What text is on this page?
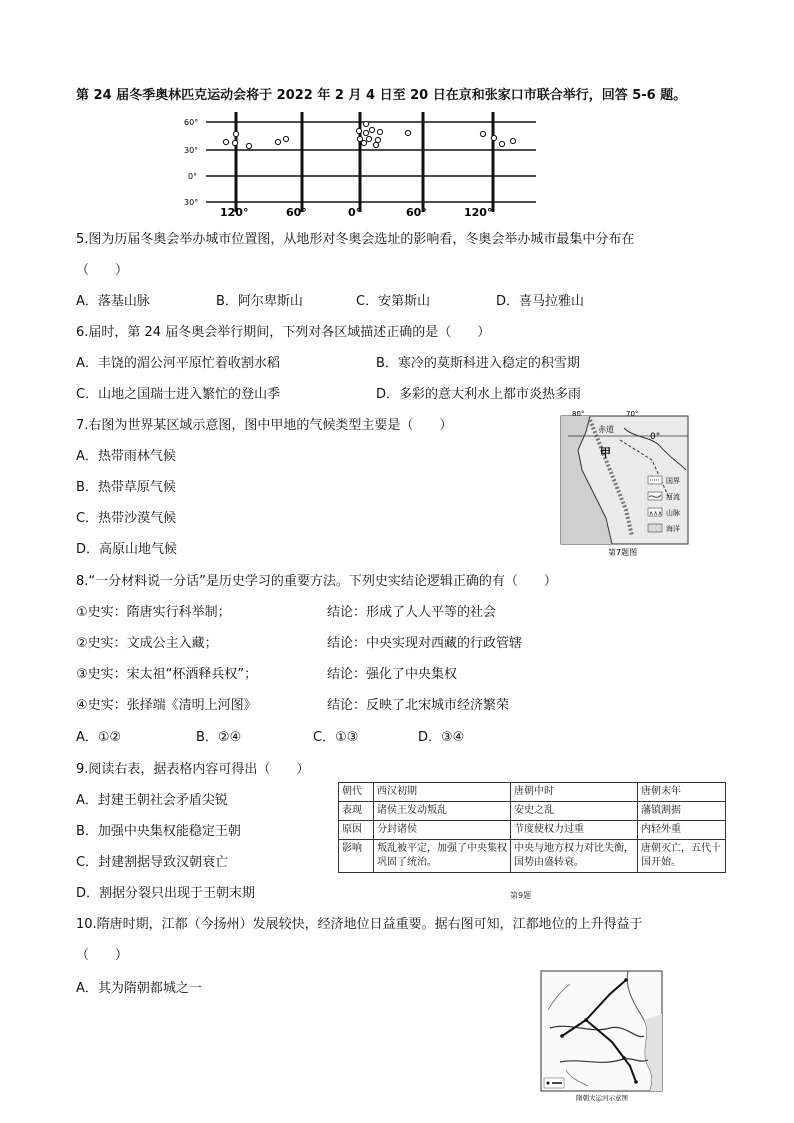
第 24 届冬季奥林匹克运动会将于 2022 年 2 月 4 日至 20 日在京和张家口市联合举行，回答 5-6 题。
60°
30°
0°
30°
120°	60°	0°	60°	120°
5.图为历届冬奥会举办城市位置图，从地形对冬奥会选址的影响看，冬奥会举办城市最集中分布在
（　　）
A．落基山脉	B．阿尔卑斯山	C．安第斯山	D．喜马拉雅山
6.届时，第 24 届冬奥会举行期间，下列对各区域描述正确的是（　　）
A．丰饶的湄公河平原忙着收割水稻	B．寒冷的莫斯科进入稳定的积雪期
C．山地之国瑞士进入繁忙的登山季	D．多彩的意大利水上都市炎热多雨
7.右图为世界某区域示意图，图中甲地的气候类型主要是（　　）
A．热带雨林气候
B．热带草原气候
C．热带沙漠气候
D．高原山地气候
80°	70°
赤道
0°
甲
∧∧∧
国界
河流
山脉
海洋
第7题图
8.“一分材料说一分话”是历史学习的重要方法。下列史实结论逻辑正确的有（　　）
①史实：隋唐实行科举制；	结论：形成了人人平等的社会
②史实：文成公主入藏；	结论：中央实现对西藏的行政管辖
③史实：宋太祖“杯酒释兵权”；	结论：强化了中央集权
④史实：张择端《清明上河图》	结论：反映了北宋城市经济繁荣
A．①②	B．②④	C．①③	D．③④
9.阅读右表，据表格内容可得出（　　）
A．封建王朝社会矛盾尖锐
B．加强中央集权能稳定王朝
C．封建割据导致汉朝衰亡
D．割据分裂只出现于王朝末期
朝代	西汉初期	唐朝中时	唐朝末年
表现	诸侯王发动叛乱	安史之乱	藩镇割据
原因	分封诸侯	节度使权力过重	内轻外重
影响	叛乱被平定，加强了中央集权巩固了统治。	中央与地方权力对比失衡，国势由盛转衰。	唐朝灭亡，五代十国开始。
第9题
10.隋唐时期，江都（今扬州）发展较快，经济地位日益重要。据右图可知，江都地位的上升得益于
（　　）
A．其为隋朝都城之一
隋朝大运河示意图
